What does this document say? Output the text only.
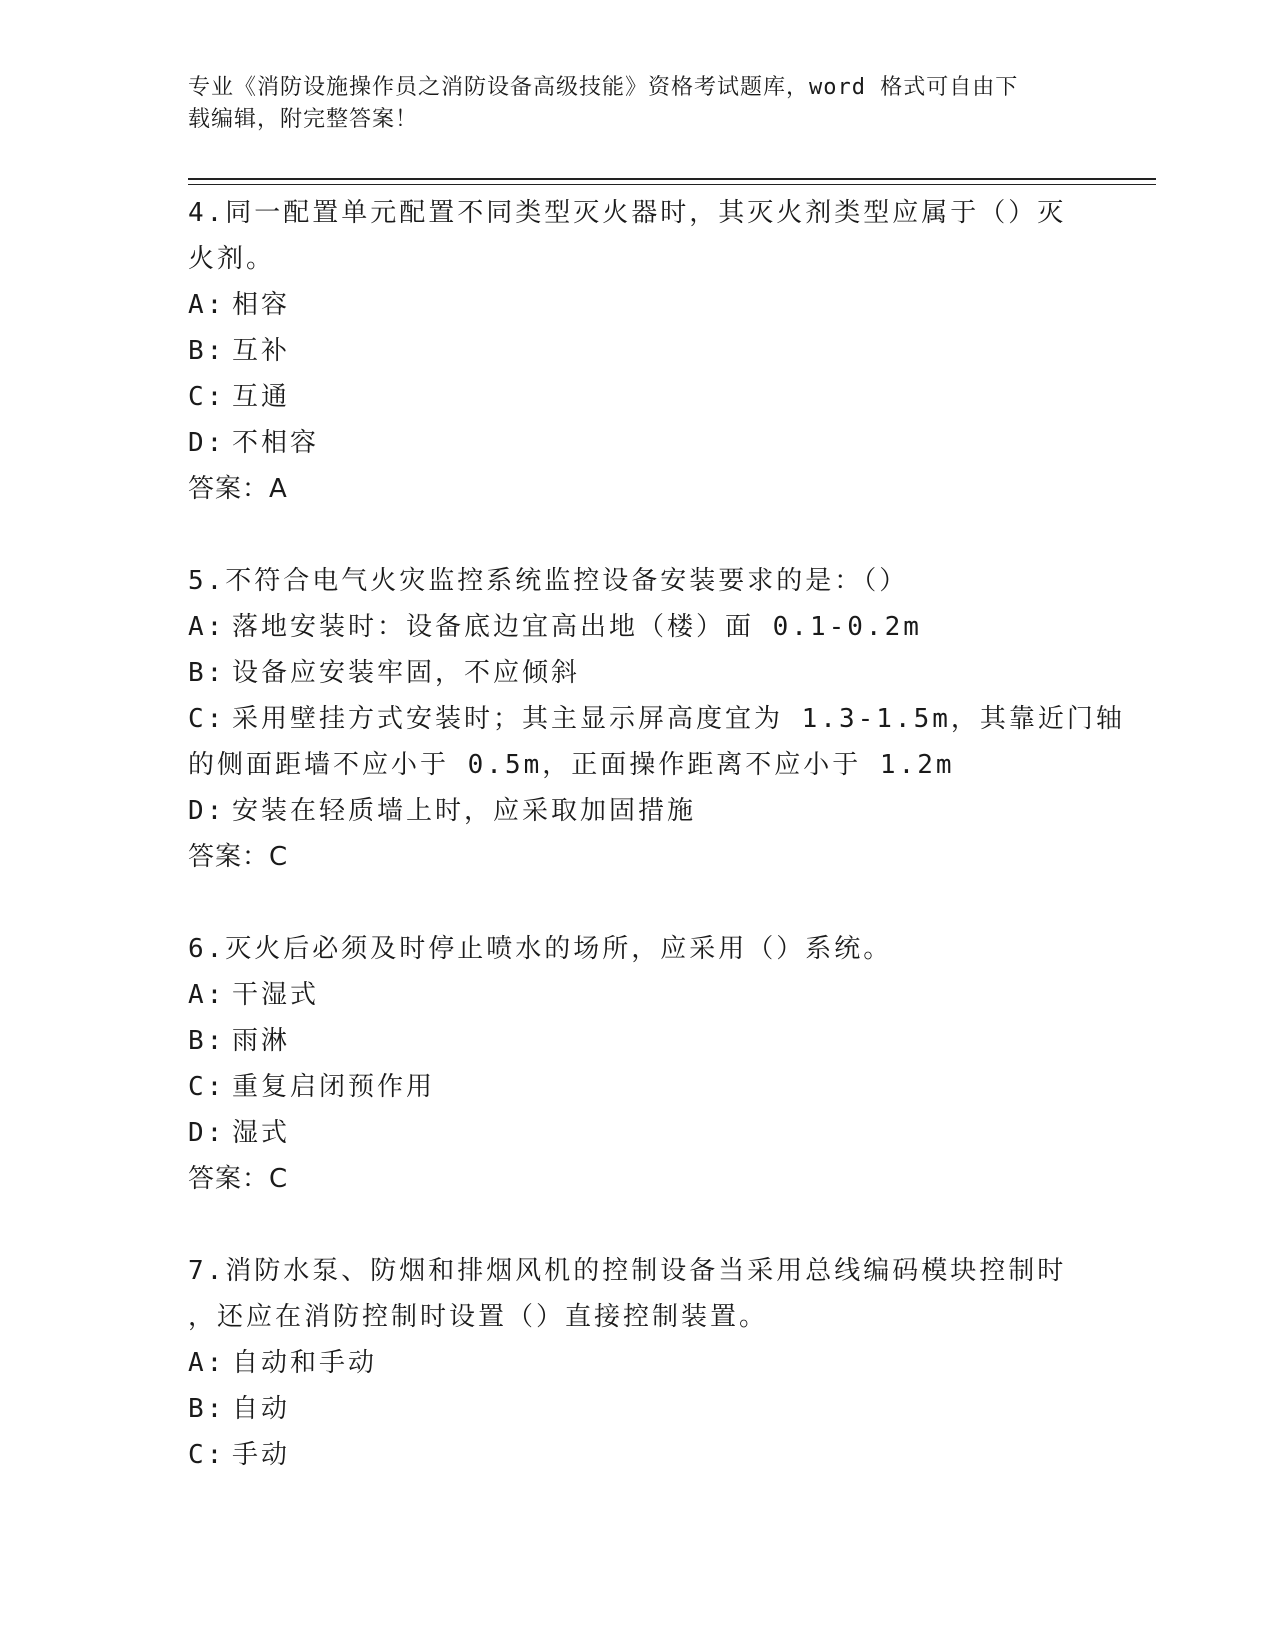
专业《消防设施操作员之消防设备高级技能》资格考试题库，word 格式可自由下
载编辑，附完整答案！

4.同一配置单元配置不同类型灭火器时，其灭火剂类型应属于（）灭

火剂。

A: 相容

B: 互补

C: 互通

D: 不相容

答案：A

5.不符合电气火灾监控系统监控设备安装要求的是：（）

A: 落地安装时：设备底边宜高出地（楼）面 0.1-0.2m

B: 设备应安装牢固，不应倾斜

C: 采用壁挂方式安装时；其主显示屏高度宜为 1.3-1.5m，其靠近门轴

的侧面距墙不应小于 0.5m，正面操作距离不应小于 1.2m

D: 安装在轻质墙上时，应采取加固措施

答案：C

6.灭火后必须及时停止喷水的场所，应采用（）系统。

A: 干湿式

B: 雨淋

C: 重复启闭预作用

D: 湿式

答案：C

7.消防水泵、防烟和排烟风机的控制设备当采用总线编码模块控制时

，还应在消防控制时设置（）直接控制装置。

A: 自动和手动

B: 自动

C: 手动
